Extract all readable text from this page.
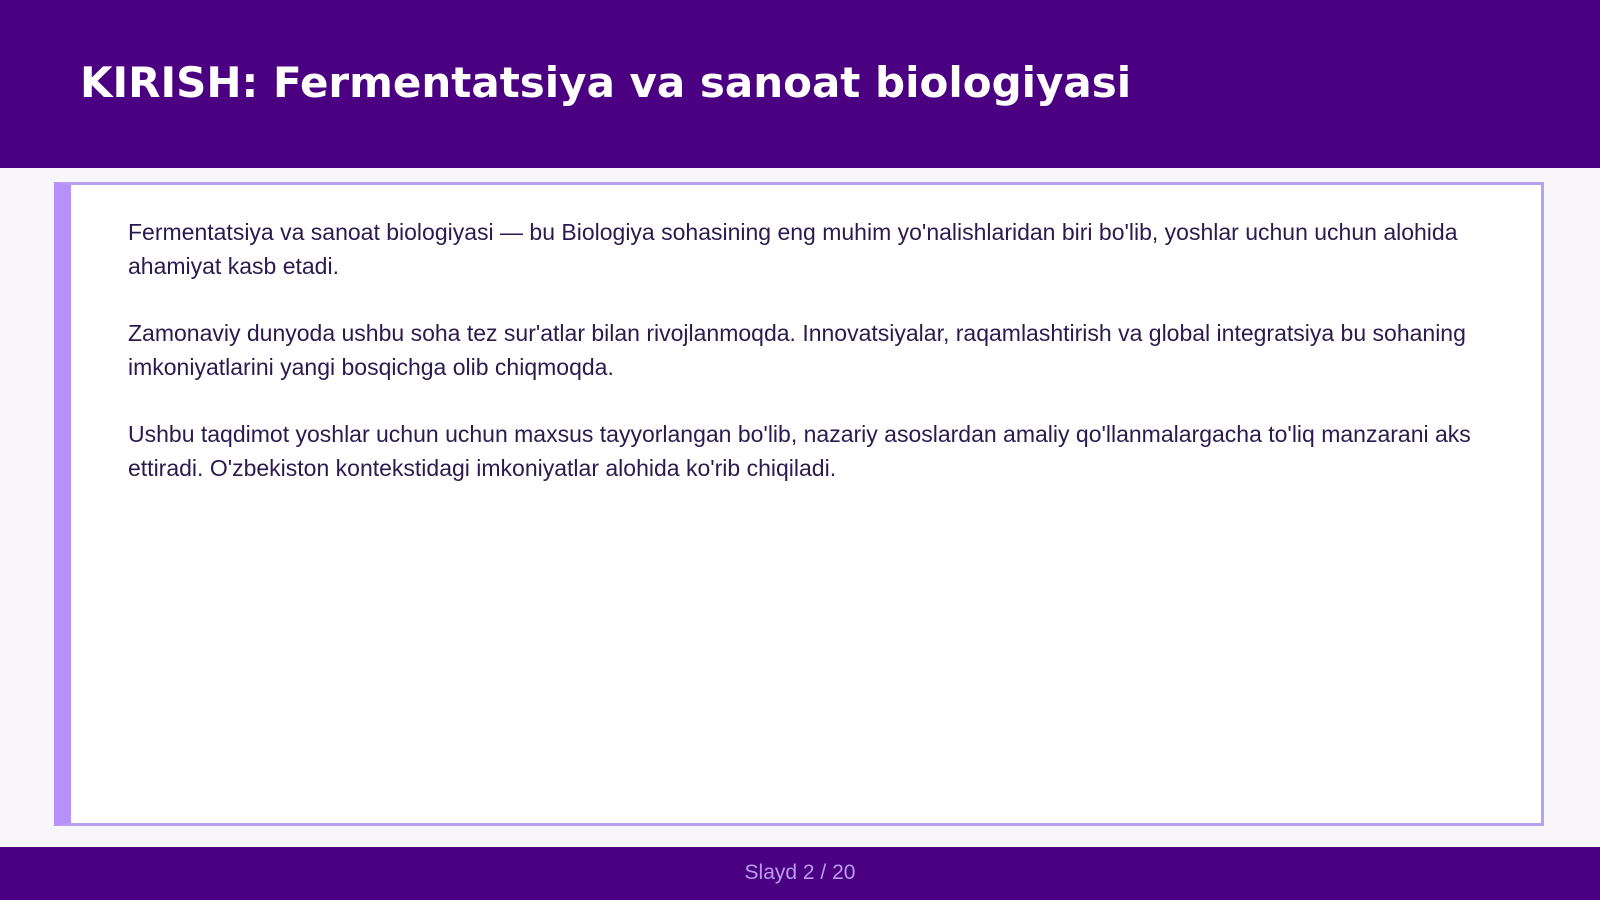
KIRISH: Fermentatsiya va sanoat biologiyasi

Fermentatsiya va sanoat biologiyasi — bu Biologiya sohasining eng muhim yo'nalishlaridan biri bo'lib, yoshlar uchun uchun alohida ahamiyat kasb etadi.

Zamonaviy dunyoda ushbu soha tez sur'atlar bilan rivojlanmoqda. Innovatsiyalar, raqamlashtirish va global integratsiya bu sohaning imkoniyatlarini yangi bosqichga olib chiqmoqda.

Ushbu taqdimot yoshlar uchun uchun maxsus tayyorlangan bo'lib, nazariy asoslardan amaliy qo'llanmalargacha to'liq manzarani aks ettiradi. O'zbekiston kontekstidagi imkoniyatlar alohida ko'rib chiqiladi.

Slayd 2 / 20
